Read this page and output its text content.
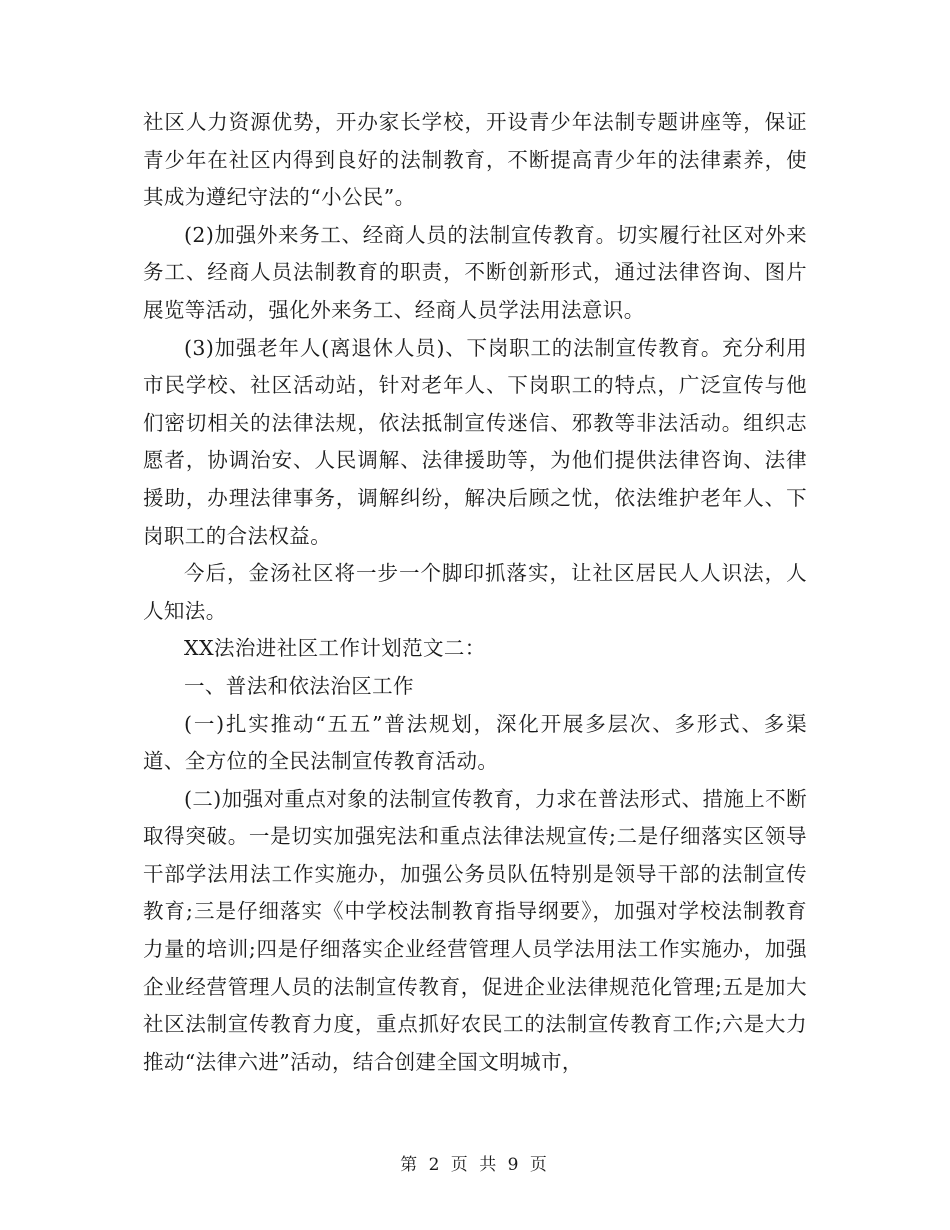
社区人力资源优势，开办家长学校，开设青少年法制专题讲座等，保证青少年在社区内得到良好的法制教育，不断提高青少年的法律素养，使其成为遵纪守法的“小公民”。

(2)加强外来务工、经商人员的法制宣传教育。切实履行社区对外来务工、经商人员法制教育的职责，不断创新形式，通过法律咨询、图片展览等活动，强化外来务工、经商人员学法用法意识。

(3)加强老年人(离退休人员)、下岗职工的法制宣传教育。充分利用市民学校、社区活动站，针对老年人、下岗职工的特点，广泛宣传与他们密切相关的法律法规，依法抵制宣传迷信、邪教等非法活动。组织志愿者，协调治安、人民调解、法律援助等，为他们提供法律咨询、法律援助，办理法律事务，调解纠纷，解决后顾之忧，依法维护老年人、下岗职工的合法权益。

今后，金汤社区将一步一个脚印抓落实，让社区居民人人识法，人人知法。

XX法治进社区工作计划范文二：

一、普法和依法治区工作

(一)扎实推动“五五”普法规划，深化开展多层次、多形式、多渠道、全方位的全民法制宣传教育活动。

(二)加强对重点对象的法制宣传教育，力求在普法形式、措施上不断取得突破。一是切实加强宪法和重点法律法规宣传;二是仔细落实区领导干部学法用法工作实施办，加强公务员队伍特别是领导干部的法制宣传教育;三是仔细落实《中学校法制教育指导纲要》，加强对学校法制教育力量的培训;四是仔细落实企业经营管理人员学法用法工作实施办，加强企业经营管理人员的法制宣传教育，促进企业法律规范化管理;五是加大社区法制宣传教育力度，重点抓好农民工的法制宣传教育工作;六是大力推动“法律六进”活动，结合创建全国文明城市，

第 2 页 共 9 页
